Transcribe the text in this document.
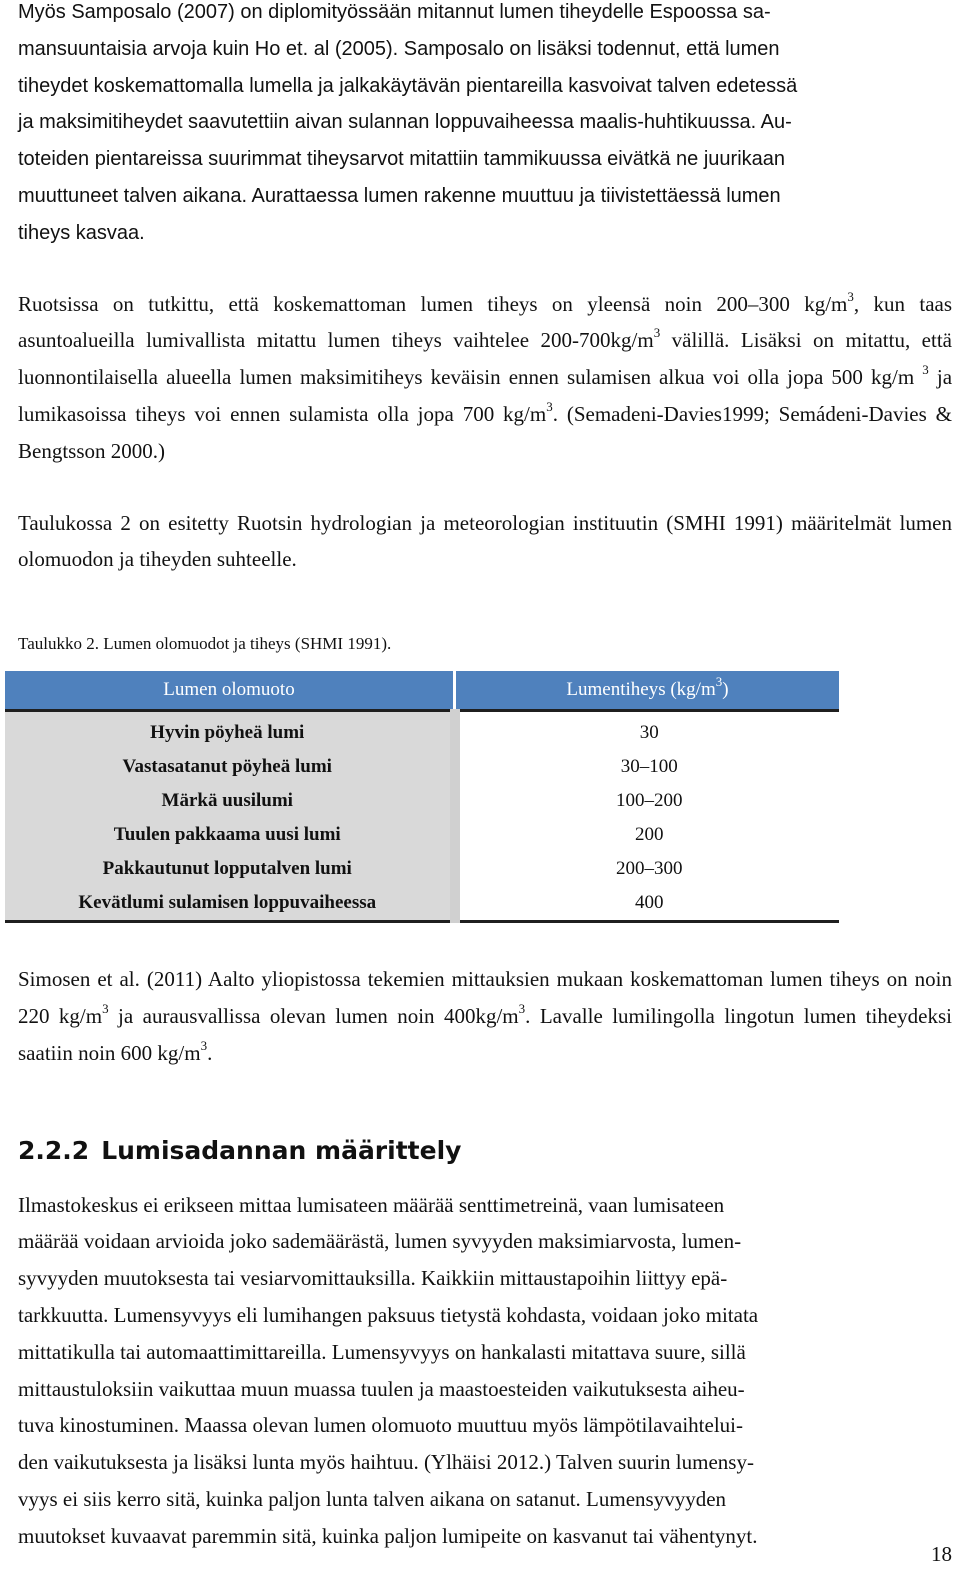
Myös Samposalo (2007) on diplomityössään mitannut lumen tiheydelle Espoossa sa-
mansuuntaisia arvoja kuin Ho et. al (2005). Samposalo on lisäksi todennut, että lumen
tiheydet koskemattomalla lumella ja jalkakäytävän pientareilla kasvoivat talven edetessä
ja maksimitiheydet saavutettiin aivan sulannan loppuvaiheessa maalis-huhtikuussa. Au-
toteiden pientareissa suurimmat tiheysarvot mitattiin tammikuussa eivätkä ne juurikaan
muuttuneet talven aikana. Aurattaessa lumen rakenne muuttuu ja tiivistettäessä lumen
tiheys kasvaa.

Ruotsissa on tutkittu, että koskemattoman lumen tiheys on yleensä noin 200–300 $kg/m^3$, kun taas asuntoalueilla lumivallista mitattu lumen tiheys vaihtelee $200-700kg/m^3$ välillä. Lisäksi on mitattu, että luonnontilaisella alueella lumen maksimitiheys keväisin ennen sulamisen alkua voi olla jopa 500 kg/m $^3$ ja lumikasoissa tiheys voi ennen sulamista olla jopa 700 $kg/m^3$. (Semadeni-Davies1999; Semádeni-Davies & Bengtsson 2000.)

Taulukossa 2 on esitetty Ruotsin hydrologian ja meteorologian instituutin (SMHI 1991) määritelmät lumen olomuodon ja tiheyden suhteelle.

Taulukko 2. Lumen olomuodot ja tiheys (SHMI 1991).

Lumen olomuoto	Lumentiheys $(kg/m^3)$
Hyvin pöyheä lumi	30
Vastasatanut pöyheä lumi	30–100
Märkä uusilumi	100–200
Tuulen pakkaama uusi lumi	200
Pakkautunut lopputalven lumi	200–300
Kevätlumi sulamisen loppuvaiheessa	400

Simosen et al. (2011) Aalto yliopistossa tekemien mittauksien mukaan koskemattoman lumen tiheys on noin 220 $kg/m^3$ ja aurausvallissa olevan lumen noin $400kg/m^3$. Lavalle lumilingolla lingotun lumen tiheydeksi saatiin noin 600 $kg/m^3$.

2.2.2 Lumisadannan määrittely

Ilmastokeskus ei erikseen mittaa lumisateen määrää senttimetreinä, vaan lumisateen
määrää voidaan arvioida joko sademäärästä, lumen syvyyden maksimiarvosta, lumen-
syvyyden muutoksesta tai vesiarvomittauksilla. Kaikkiin mittaustapoihin liittyy epä-
tarkkuutta. Lumensyvyys eli lumihangen paksuus tietystä kohdasta, voidaan joko mitata
mittatikulla tai automaattimittareilla. Lumensyvyys on hankalasti mitattava suure, sillä
mittaustuloksiin vaikuttaa muun muassa tuulen ja maastoesteiden vaikutuksesta aiheu-
tuva kinostuminen. Maassa olevan lumen olomuoto muuttuu myös lämpötilavaihtelui-
den vaikutuksesta ja lisäksi lunta myös haihtuu. (Ylhäisi 2012.) Talven suurin lumensy-
vyys ei siis kerro sitä, kuinka paljon lunta talven aikana on satanut. Lumensyvyyden
muutokset kuvaavat paremmin sitä, kuinka paljon lumipeite on kasvanut tai vähentynyt.

18
